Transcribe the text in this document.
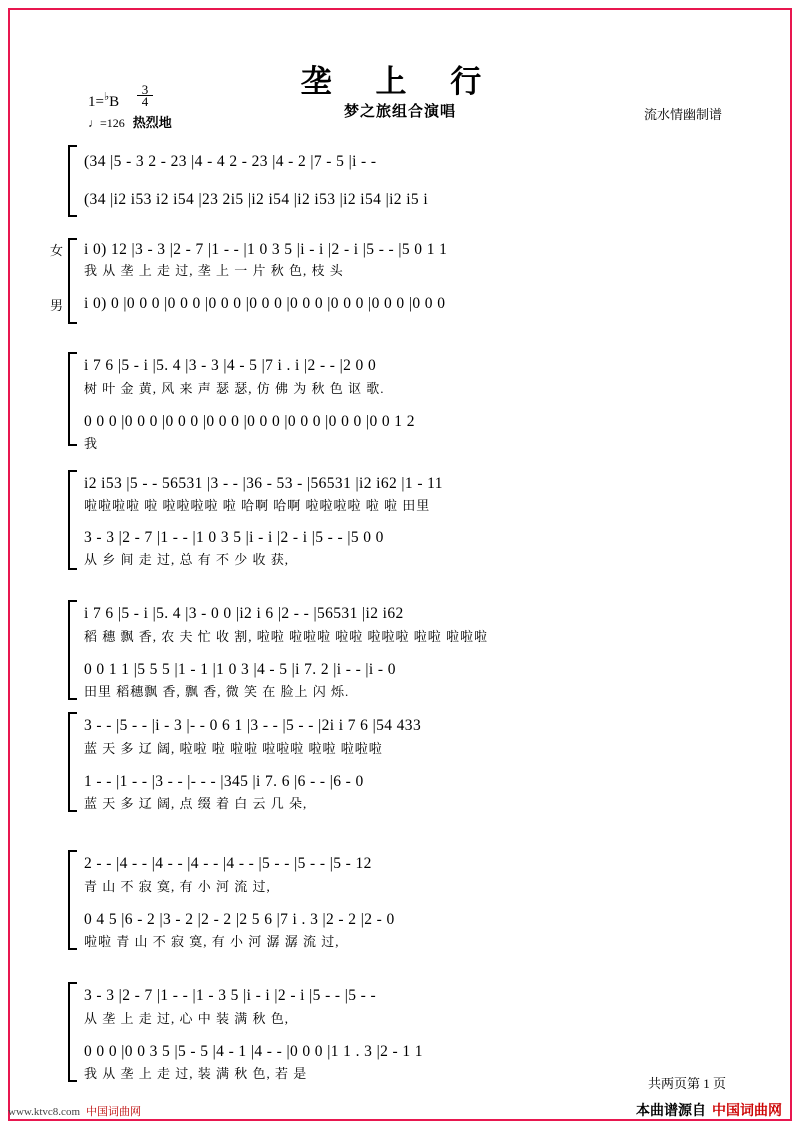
垄 上 行
梦之旅组合演唱	流水情幽制谱
$1=^♭B \frac{3}{4}$
♩=126 热烈地
女
男
(34 |5 - 3 2 - 23 |4 - 4 2 - 23 |4 - 2 |7 - 5 |i - -
(34 |i2 i53 i2 i54 |23 2i5 |i2 i54 |i2 i53 |i2 i54 |i2 i5 i
i 0) 12 |3 - 3 |2 - 7 |1 - - |1 0 3 5 |i - i |2 - i |5 - - |5 0 1 1
我 从 垄 上 走 过, 垄 上 一 片 秋 色, 枝 头
i 0) 0 |0 0 0 |0 0 0 |0 0 0 |0 0 0 |0 0 0 |0 0 0 |0 0 0 |0 0 0
i 7 6 |5 - i |5. 4 |3 - 3 |4 - 5 |7 i . i |2 - - |2 0 0
树 叶 金 黄, 风 来 声 瑟 瑟, 仿 佛 为 秋 色 讴 歌.
0 0 0 |0 0 0 |0 0 0 |0 0 0 |0 0 0 |0 0 0 |0 0 0 |0 0 1 2
我
i2 i53 |5 - - 56531 |3 - - |36 - 53 - |56531 |i2 i62 |1 - 11
啦啦啦啦 啦 啦啦啦啦 啦 哈啊 哈啊 啦啦啦啦 啦 啦 田里
3 - 3 |2 - 7 |1 - - |1 0 3 5 |i - i |2 - i |5 - - |5 0 0
从 乡 间 走 过, 总 有 不 少 收 获,
i 7 6 |5 - i |5. 4 |3 - 0 0 |i2 i 6 |2 - - |56531 |i2 i62
稻 穗 飘 香, 农 夫 忙 收 割, 啦啦 啦啦啦 啦啦 啦啦啦 啦啦 啦啦啦
0 0 1 1 |5 5 5 |1 - 1 |1 0 3 |4 - 5 |i 7. 2 |i - - |i - 0
田里 稻穗飘 香, 飘 香, 微 笑 在 脸上 闪 烁.
3 - - |5 - - |i - 3 |- - 0 6 1 |3 - - |5 - - |2i i 7 6 |54 433
蓝 天 多 辽 阔, 啦啦 啦 啦啦 啦啦啦 啦啦 啦啦啦
1 - - |1 - - |3 - - |- - - |345 |i 7. 6 |6 - - |6 - 0
蓝 天 多 辽 阔, 点 缀 着 白 云 几 朵,
2 - - |4 - - |4 - - |4 - - |4 - - |5 - - |5 - - |5 - 12
青 山 不 寂 寞, 有 小 河 流 过,
0 4 5 |6 - 2 |3 - 2 |2 - 2 |2 5 6 |7 i . 3 |2 - 2 |2 - 0
啦啦 青 山 不 寂 寞, 有 小 河 潺 潺 流 过,
3 - 3 |2 - 7 |1 - - |1 - 3 5 |i - i |2 - i |5 - - |5 - -
从 垄 上 走 过, 心 中 装 满 秋 色,
0 0 0 |0 0 3 5 |5 - 5 |4 - 1 |4 - - |0 0 0 |1 1 . 3 |2 - 1 1
我 从 垄 上 走 过, 装 满 秋 色, 若 是
共两页第 1 页
www.ktvc8.com 中国词曲网	本曲谱源自 中国词曲网
